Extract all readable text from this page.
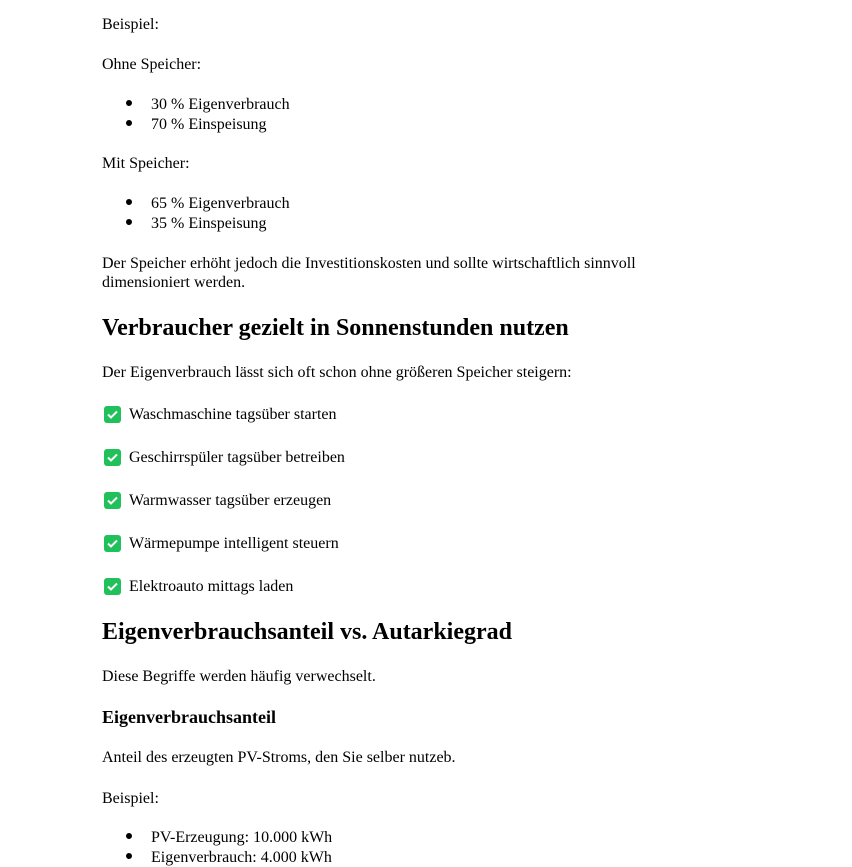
Beispiel:
Ohne Speicher:
30 % Eigenverbrauch
70 % Einspeisung
Mit Speicher:
65 % Eigenverbrauch
35 % Einspeisung
Der Speicher erhöht jedoch die Investitionskosten und sollte wirtschaftlich sinnvoll dimensioniert werden.
Verbraucher gezielt in Sonnenstunden nutzen
Der Eigenverbrauch lässt sich oft schon ohne größeren Speicher steigern:
Waschmaschine tagsüber starten
Geschirrspüler tagsüber betreiben
Warmwasser tagsüber erzeugen
Wärmepumpe intelligent steuern
Elektroauto mittags laden
Eigenverbrauchsanteil vs. Autarkiegrad
Diese Begriffe werden häufig verwechselt.
Eigenverbrauchsanteil
Anteil des erzeugten PV-Stroms, den Sie selber nutzeb.
Beispiel:
PV-Erzeugung: 10.000 kWh
Eigenverbrauch: 4.000 kWh
